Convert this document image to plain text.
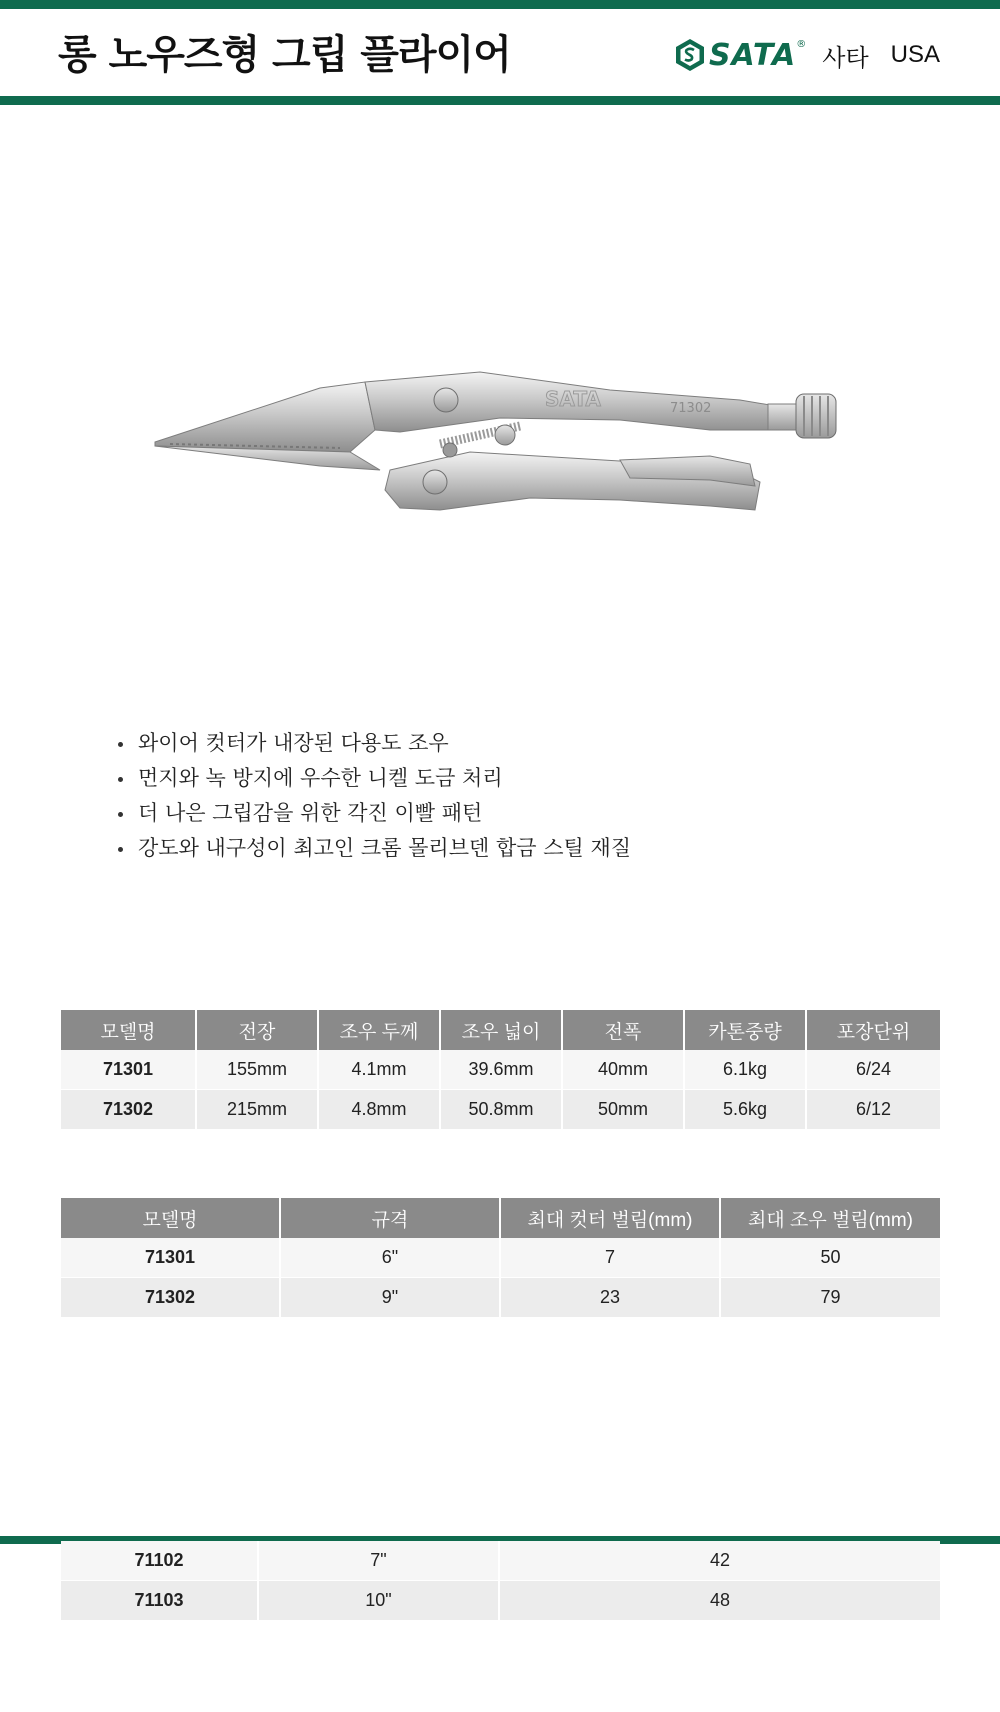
롱 노우즈형 그립 플라이어	SATA ® 사타 USA
SATA	71302
와이어 컷터가 내장된 다용도 조우
먼지와 녹 방지에 우수한 니켈 도금 처리
더 나은 그립감을 위한 각진 이빨 패턴
강도와 내구성이 최고인 크롬 몰리브덴 합금 스틸 재질
모델명	전장	조우 두께	조우 넓이	전폭	카톤중량	포장단위
71301	155mm	4.1mm	39.6mm	40mm	6.1kg	6/24
71302	215mm	4.8mm	50.8mm	50mm	5.6kg	6/12
모델명	규격	최대 컷터 벌림(mm)	최대 조우 벌림(mm)
71301	6"	7	50
71302	9"	23	79
71102	7"	42
71103	10"	48
